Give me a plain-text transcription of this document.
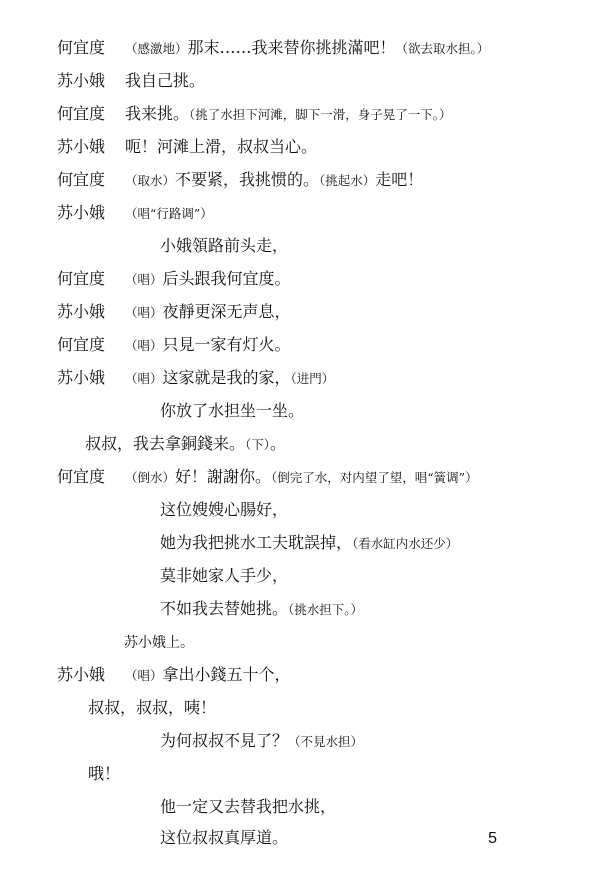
何宜度 （感激地）那末……我来替你挑挑滿吧！（欲去取水担。）
苏小娥 我自己挑。
何宜度 我来挑。（挑了水担下河滩，脚下一滑，身子晃了一下。）
苏小娥 呃！河滩上滑，叔叔当心。
何宜度 （取水）不要紧，我挑惯的。（挑起水）走吧！
苏小娥 （唱“行路调”）
小娥領路前头走，
何宜度 （唱）后头跟我何宜度。
苏小娥 （唱）夜靜更深无声息，
何宜度 （唱）只見一家有灯火。
苏小娥 （唱）这家就是我的家，（进門）
你放了水担坐一坐。
叔叔，我去拿銅錢来。（下）。
何宜度 （倒水）好！謝謝你。（倒完了水，对内望了望，唱“簧调”）
这位嫂嫂心腸好，
她为我把挑水工夫耽誤掉，（看水缸内水还少）
莫非她家人手少，
不如我去替她挑。（挑水担下。）
苏小娥上。
苏小娥 （唱）拿出小錢五十个，
叔叔，叔叔，咦！
为何叔叔不見了？（不見水担）
哦！
他一定又去替我把水挑，
这位叔叔真厚道。	5
